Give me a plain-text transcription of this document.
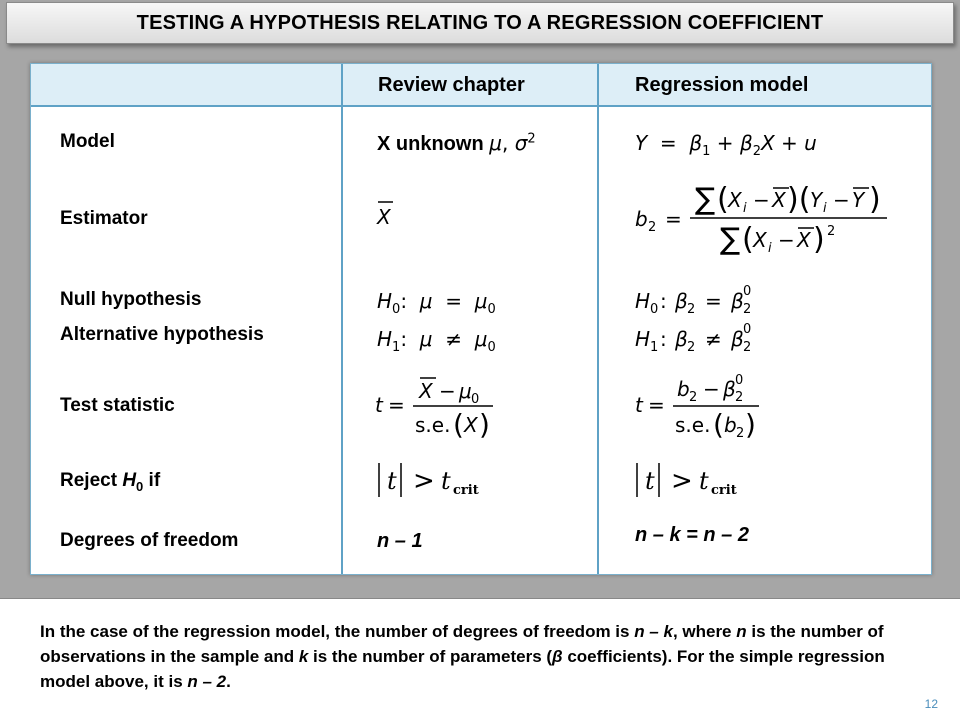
TESTING A HYPOTHESIS RELATING TO A REGRESSION COEFFICIENT
Review chapter	Regression model
Model
Estimator
Null hypothesis
Alternative hypothesis
Test statistic
Reject $H_0$ if
Degrees of freedom
X unknown μ, $\sigma^2$
X
$H_0$:  $\mu = \mu_0$
$H_1$:  $\mu \ne \mu_0$
t =
X − μ 0
s.e. ( X )
t > t crit
n – 1
$Y = \beta_1 + \beta_2X + u$
b 2 =
∑ ( X i − X )( Y i − Y )
∑ ( X i − X ) 2
H 0 : β 2 = β 2
0
H 1 : β 2 ≠ β 2
0
t =
b 2 − β 2
0
s.e. ( b 2 )
t > t crit
n – k = n – 2

In the case of the regression model, the number of degrees of freedom is n – k, where n is the number of observations in the sample and k is the number of parameters (β coefficients). For the simple regression model above, it is n – 2.

12
